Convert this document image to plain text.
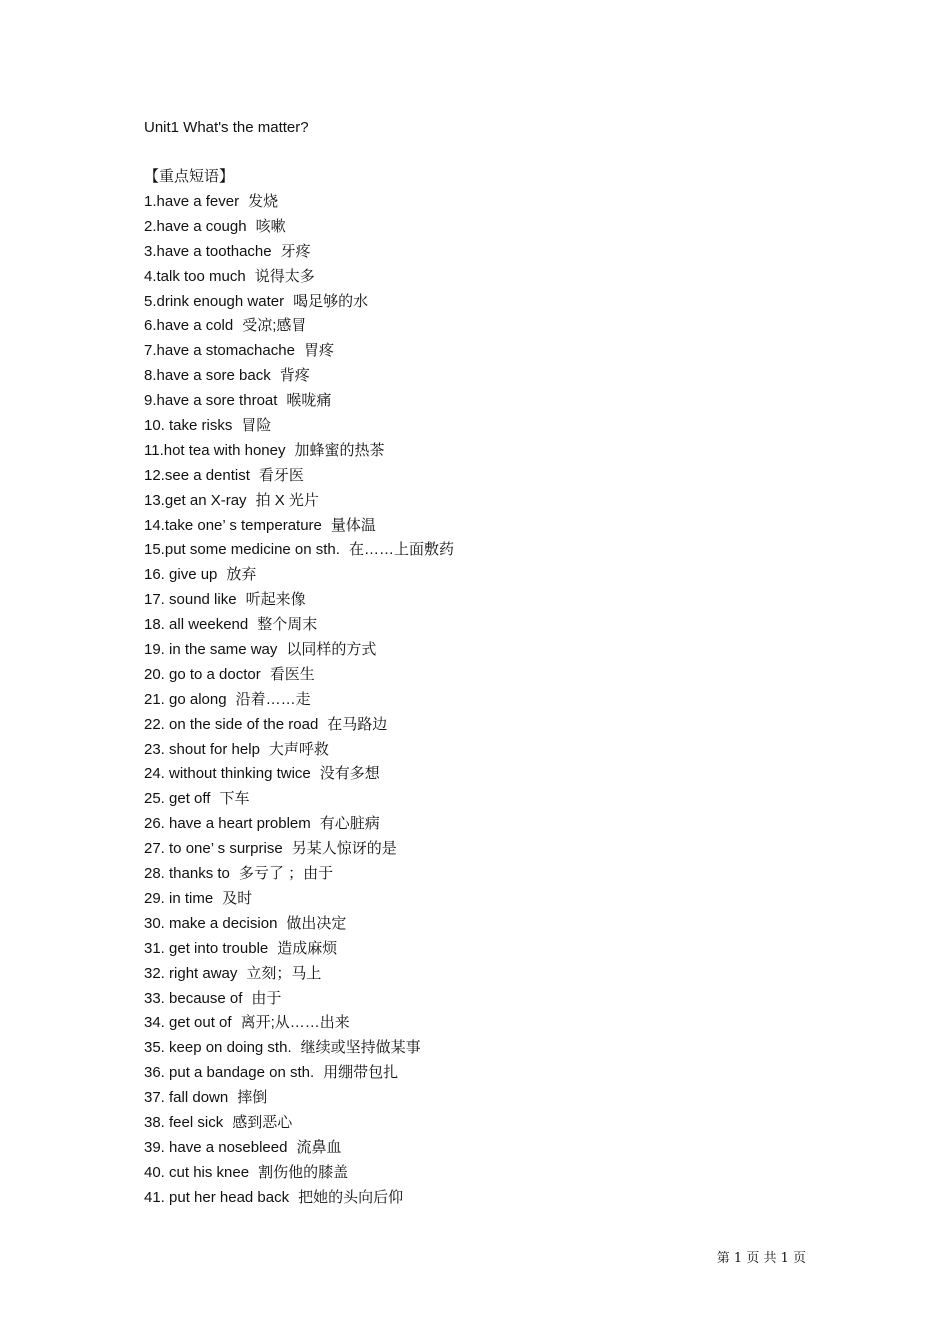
Unit1 What's the matter?
【重点短语】
1.have a fever 发烧
2.have a cough 咳嗽
3.have a toothache 牙疼
4.talk too much 说得太多
5.drink enough water 喝足够的水
6.have a cold 受凉;感冒
7.have a stomachache 胃疼
8.have a sore back 背疼
9.have a sore throat 喉咙痛
10. take risks 冒险
11.hot tea with honey 加蜂蜜的热茶
12.see a dentist 看牙医
13.get an X-ray 拍 X 光片
14.take one’ s temperature 量体温
15.put some medicine on sth. 在……上面敷药
16. give up 放弃
17. sound like 听起来像
18. all weekend 整个周末
19. in the same way 以同样的方式
20. go to a doctor 看医生
21. go along 沿着……走
22. on the side of the road 在马路边
23. shout for help 大声呼救
24. without thinking twice 没有多想
25. get off 下车
26. have a heart problem 有心脏病
27. to one’ s surprise 另某人惊讶的是
28. thanks to 多亏了 ；由于
29. in time 及时
30. make a decision 做出决定
31. get into trouble 造成麻烦
32. right away 立刻；马上
33. because of 由于
34. get out of 离开;从……出来
35. keep on doing sth. 继续或坚持做某事
36. put a bandage on sth. 用绷带包扎
37. fall down 摔倒
38. feel sick 感到恶心
39. have a nosebleed 流鼻血
40. cut his knee 割伤他的膝盖
41. put her head back 把她的头向后仰
第 1 页 共 1 页
